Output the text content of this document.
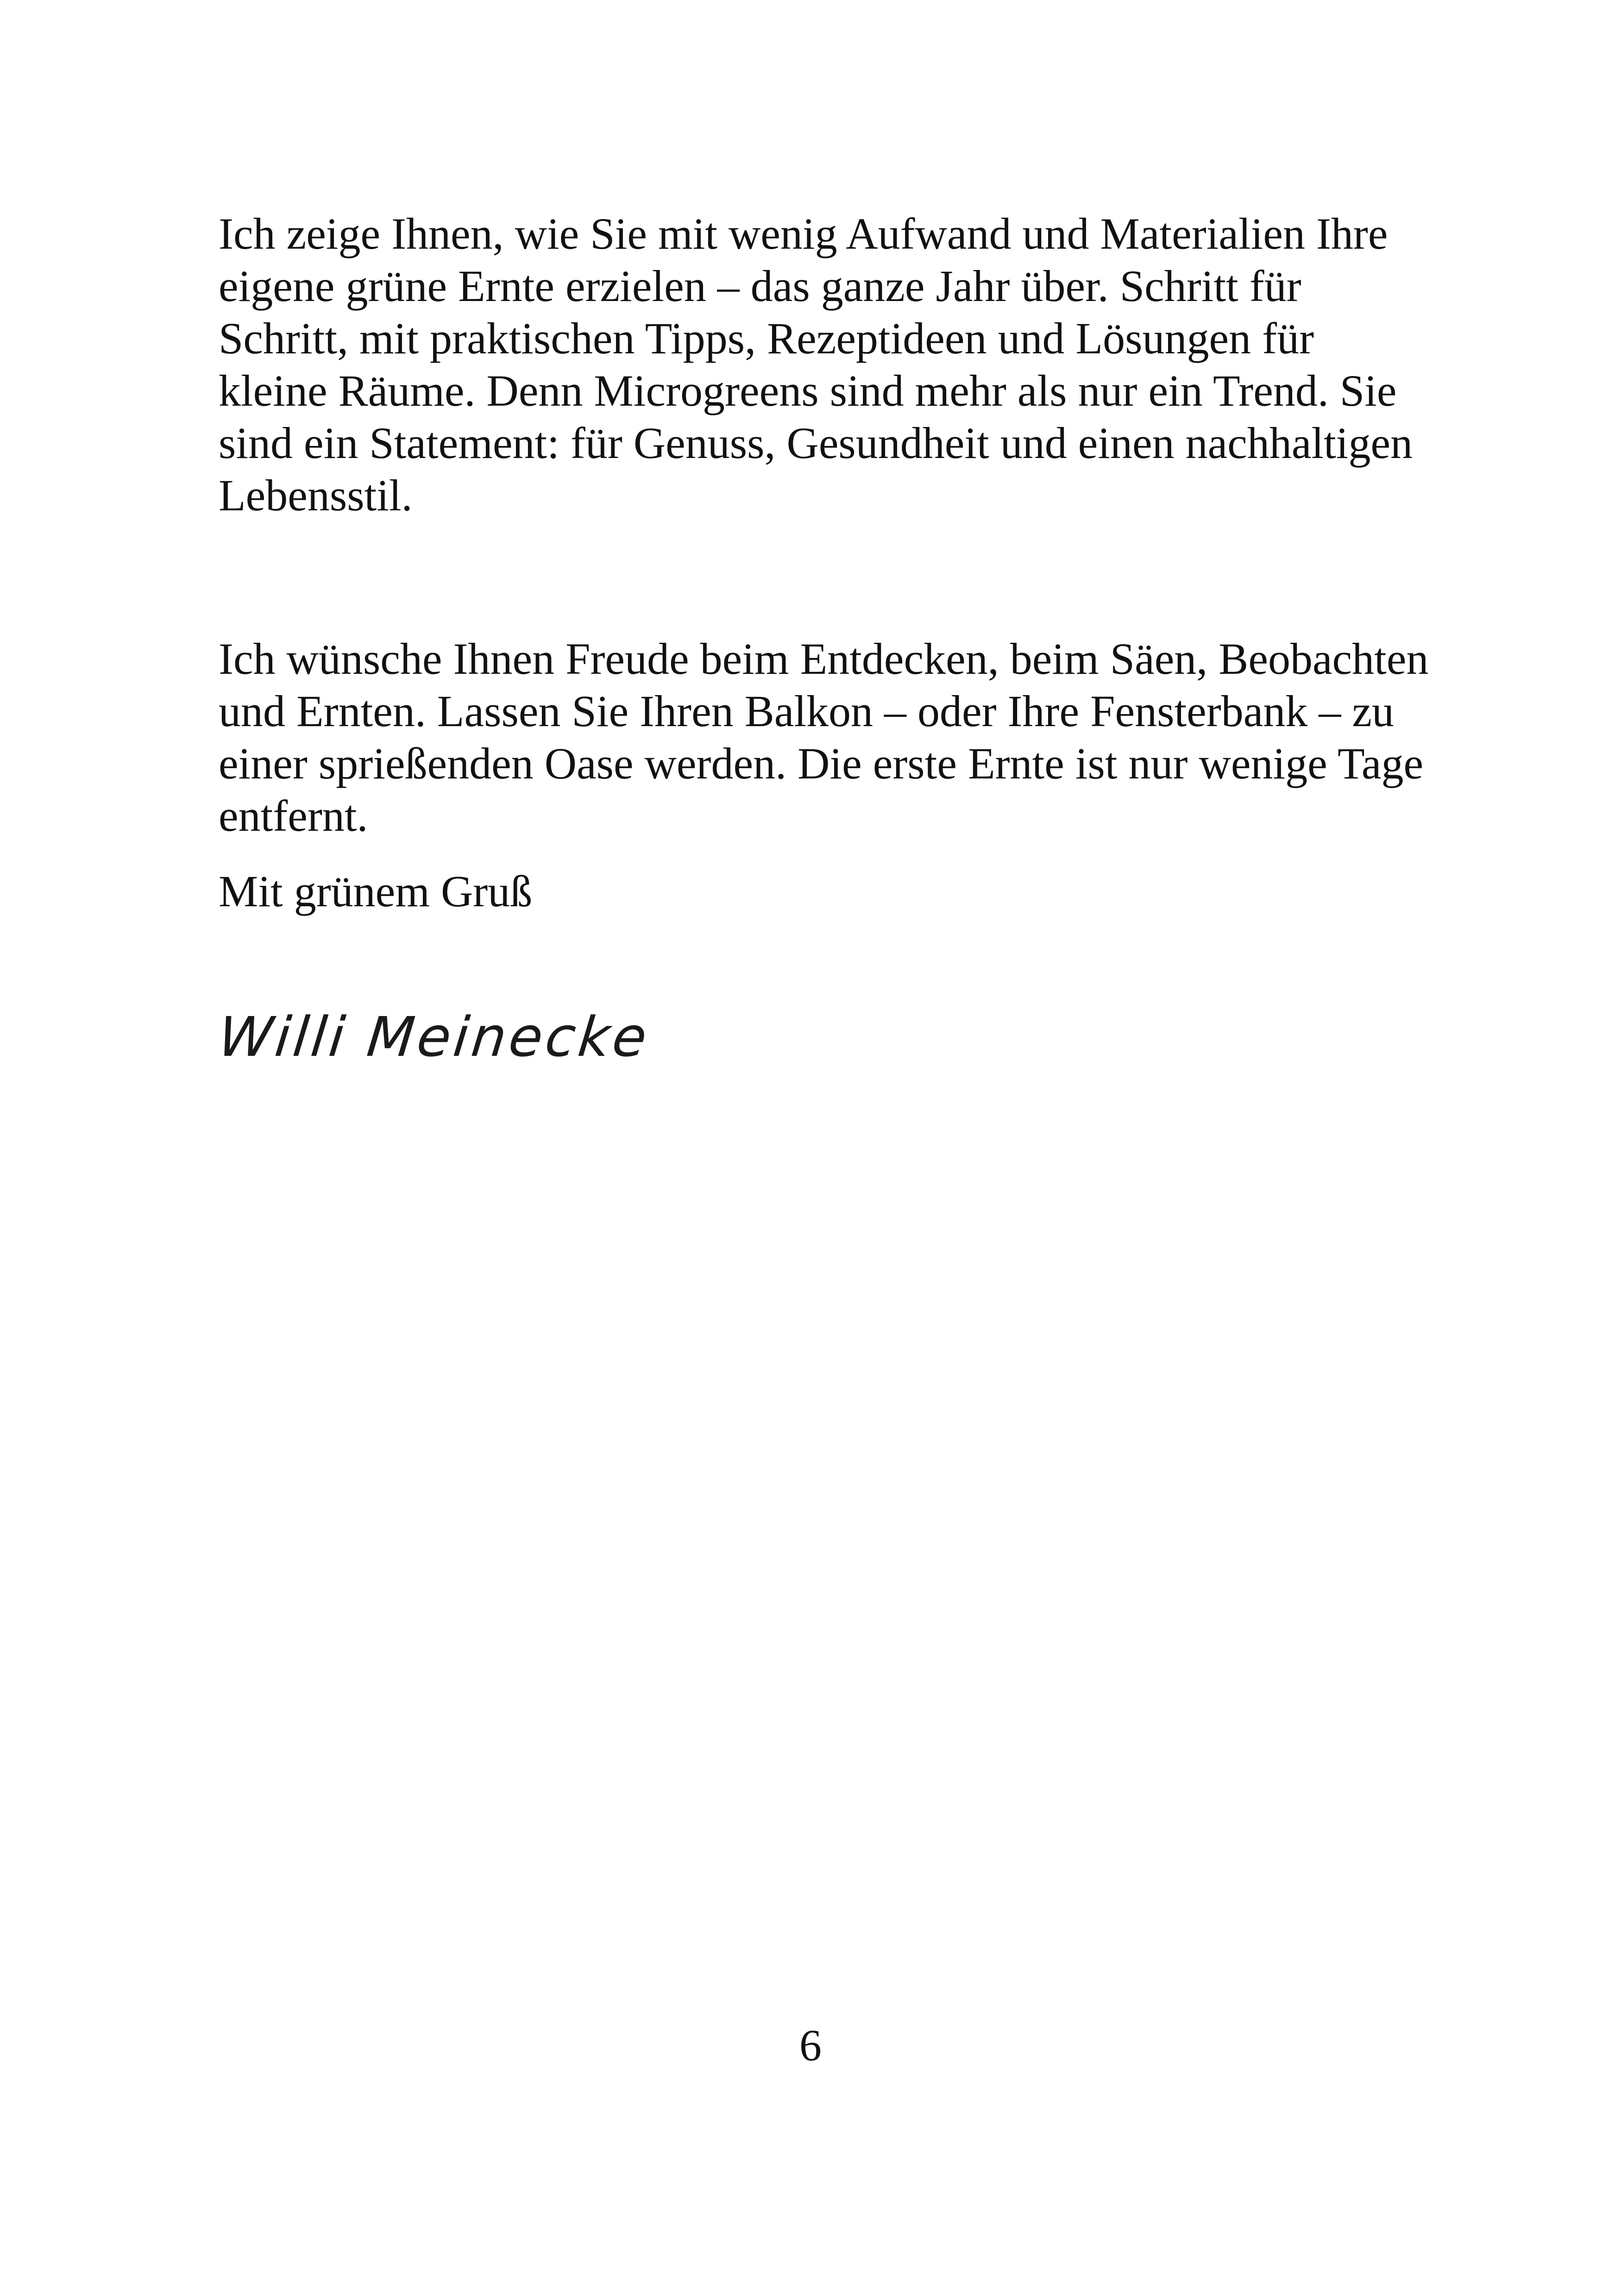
Ich zeige Ihnen, wie Sie mit wenig Aufwand und Materialien Ihre eigene grüne Ernte erzielen – das ganze Jahr über. Schritt für Schritt, mit praktischen Tipps, Rezeptideen und Lösungen für kleine Räume. Denn Microgreens sind mehr als nur ein Trend. Sie sind ein Statement: für Genuss, Gesundheit und einen nachhaltigen Lebensstil.

Ich wünsche Ihnen Freude beim Entdecken, beim Säen, Beobachten und Ernten. Lassen Sie Ihren Balkon – oder Ihre Fensterbank – zu einer sprießenden Oase werden. Die erste Ernte ist nur wenige Tage entfernt.

Mit grünem Gruß

Willi Meinecke
6
